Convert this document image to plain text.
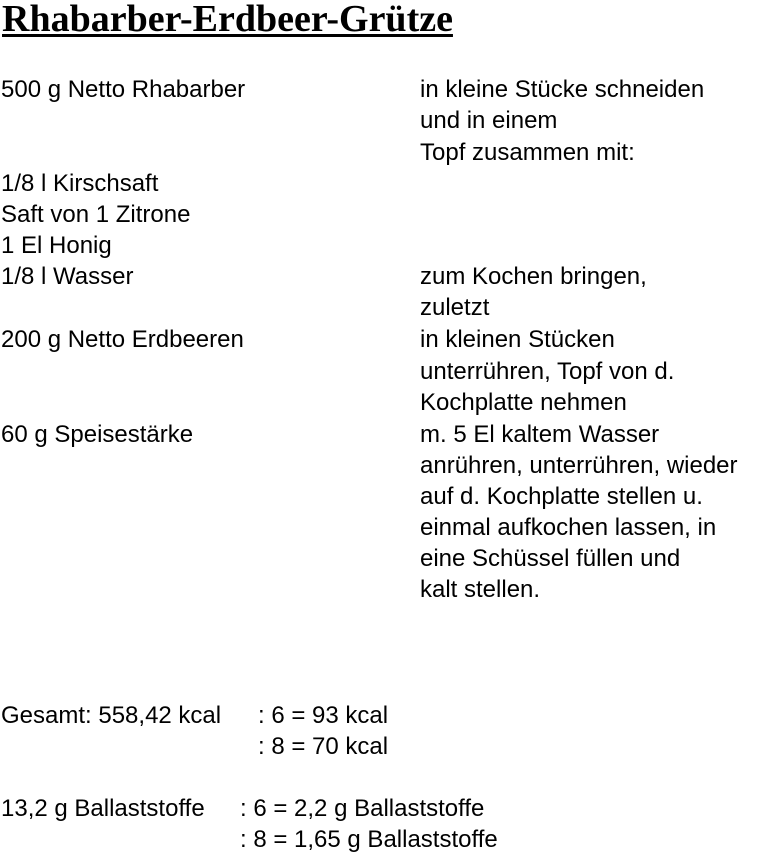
Rhabarber-Erdbeer-Grütze
500 g Netto Rhabarber
1/8 l Kirschsaft
Saft von 1 Zitrone
1 El Honig
1/8 l Wasser
200 g Netto Erdbeeren
60 g Speisestärke
in kleine Stücke schneiden
und in einem
Topf zusammen mit:
zum Kochen bringen,
zuletzt
in kleinen Stücken
unterrühren, Topf von d.
Kochplatte nehmen
m. 5 El kaltem Wasser
anrühren, unterrühren, wieder
auf d. Kochplatte stellen u.
einmal aufkochen lassen, in
eine Schüssel füllen und
kalt stellen.
Gesamt: 558,42 kcal : 6 = 93 kcal
: 8 = 70 kcal
13,2 g Ballaststoffe : 6 = 2,2 g Ballaststoffe
: 8 = 1,65 g Ballaststoffe
